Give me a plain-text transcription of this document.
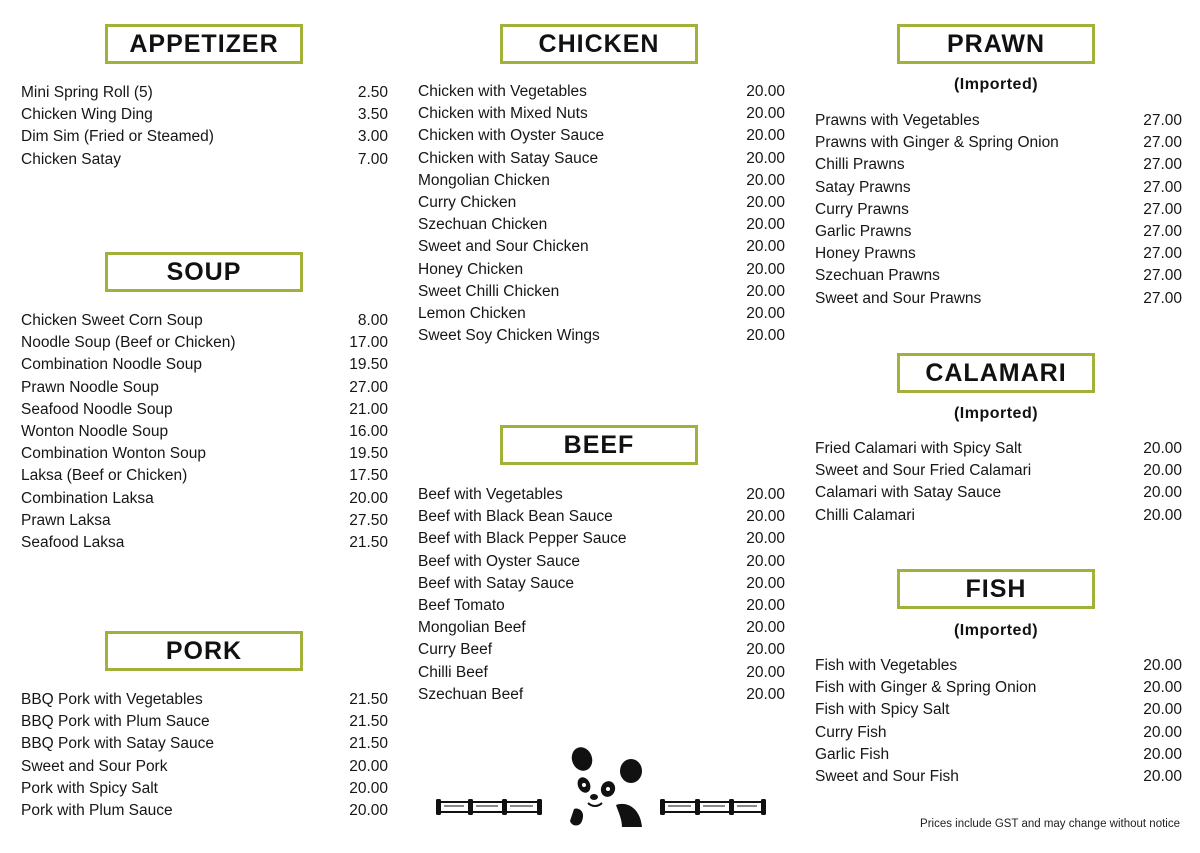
APPETIZER
Mini Spring Roll (5)	2.50
Chicken Wing Ding	3.50
Dim Sim (Fried or Steamed)	3.00
Chicken Satay	7.00
SOUP
Chicken Sweet Corn Soup	8.00
Noodle Soup (Beef or Chicken)	17.00
Combination Noodle Soup	19.50
Prawn Noodle Soup	27.00
Seafood Noodle Soup	21.00
Wonton Noodle Soup	16.00
Combination Wonton Soup	19.50
Laksa (Beef or Chicken)	17.50
Combination Laksa	20.00
Prawn Laksa	27.50
Seafood Laksa	21.50
PORK
BBQ Pork with Vegetables	21.50
BBQ Pork with Plum Sauce	21.50
BBQ Pork with Satay Sauce	21.50
Sweet and Sour Pork	20.00
Pork with Spicy Salt	20.00
Pork with Plum Sauce	20.00
CHICKEN
Chicken with Vegetables	20.00
Chicken with Mixed Nuts	20.00
Chicken with Oyster Sauce	20.00
Chicken with Satay Sauce	20.00
Mongolian Chicken	20.00
Curry Chicken	20.00
Szechuan Chicken	20.00
Sweet and Sour Chicken	20.00
Honey Chicken	20.00
Sweet Chilli Chicken	20.00
Lemon Chicken	20.00
Sweet Soy Chicken Wings	20.00
BEEF
Beef with Vegetables	20.00
Beef with Black Bean Sauce	20.00
Beef with Black Pepper Sauce	20.00
Beef with Oyster Sauce	20.00
Beef with Satay Sauce	20.00
Beef Tomato	20.00
Mongolian Beef	20.00
Curry Beef	20.00
Chilli Beef	20.00
Szechuan Beef	20.00
PRAWN
(Imported)
Prawns with Vegetables	27.00
Prawns with Ginger & Spring Onion	27.00
Chilli Prawns	27.00
Satay Prawns	27.00
Curry Prawns	27.00
Garlic Prawns	27.00
Honey Prawns	27.00
Szechuan Prawns	27.00
Sweet and Sour Prawns	27.00
CALAMARI
(Imported)
Fried Calamari with Spicy Salt	20.00
Sweet and Sour Fried Calamari	20.00
Calamari with Satay Sauce	20.00
Chilli Calamari	20.00
FISH
(Imported)
Fish with Vegetables	20.00
Fish with Ginger & Spring Onion	20.00
Fish with Spicy Salt	20.00
Curry Fish	20.00
Garlic Fish	20.00
Sweet and Sour Fish	20.00
Prices include GST and may change without notice
